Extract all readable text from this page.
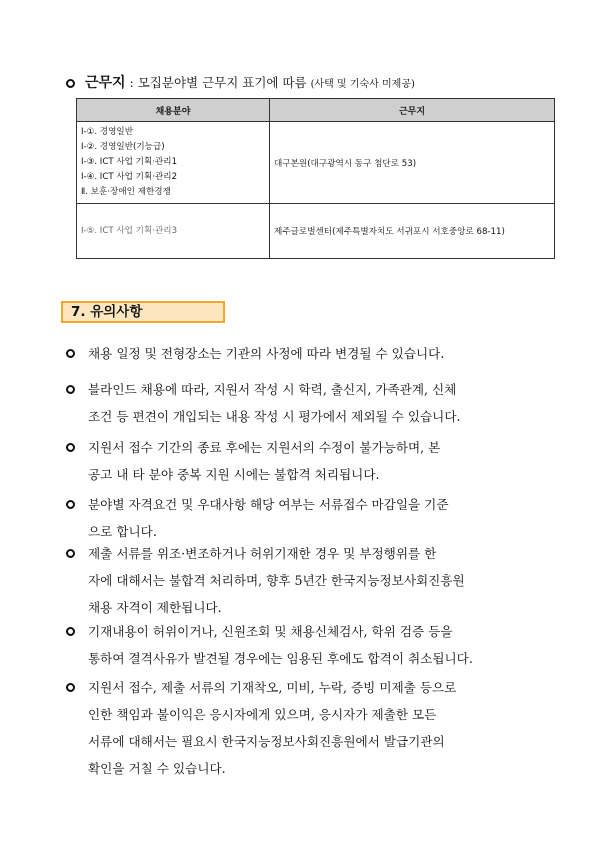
근무지 : 모집분야별 근무지 표기에 따름 (사택 및 기숙사 미제공)
채용분야	근무지

Ⅰ-①. 경영일반
Ⅰ-②. 경영일반(기능급)
Ⅰ-③. ICT 사업 기획·관리1
Ⅰ-④. ICT 사업 기획·관리2
Ⅱ. 보훈·장애인 제한경쟁	대구본원(대구광역시 동구 첨단로 53)

Ⅰ-⑤. ICT 사업 기획·관리3	제주글로벌센터(제주특별자치도 서귀포시 서호중앙로 68-11)
7. 유의사항
채용 일정 및 전형장소는 기관의 사정에 따라 변경될 수 있습니다.
블라인드 채용에 따라, 지원서 작성 시 학력, 출신지, 가족관계, 신체
조건 등 편견이 개입되는 내용 작성 시 평가에서 제외될 수 있습니다.
지원서 접수 기간의 종료 후에는 지원서의 수정이 불가능하며, 본
공고 내 타 분야 중복 지원 시에는 불합격 처리됩니다.
분야별 자격요건 및 우대사항 해당 여부는 서류접수 마감일을 기준
으로 합니다.
제출 서류를 위조·변조하거나 허위기재한 경우 및 부정행위를 한
자에 대해서는 불합격 처리하며, 향후 5년간 한국지능정보사회진흥원
채용 자격이 제한됩니다.
기재내용이 허위이거나, 신원조회 및 채용신체검사, 학위 검증 등을
통하여 결격사유가 발견될 경우에는 임용된 후에도 합격이 취소됩니다.
지원서 접수, 제출 서류의 기재착오, 미비, 누락, 증빙 미제출 등으로
인한 책임과 불이익은 응시자에게 있으며, 응시자가 제출한 모든
서류에 대해서는 필요시 한국지능정보사회진흥원에서 발급기관의
확인을 거칠 수 있습니다.
